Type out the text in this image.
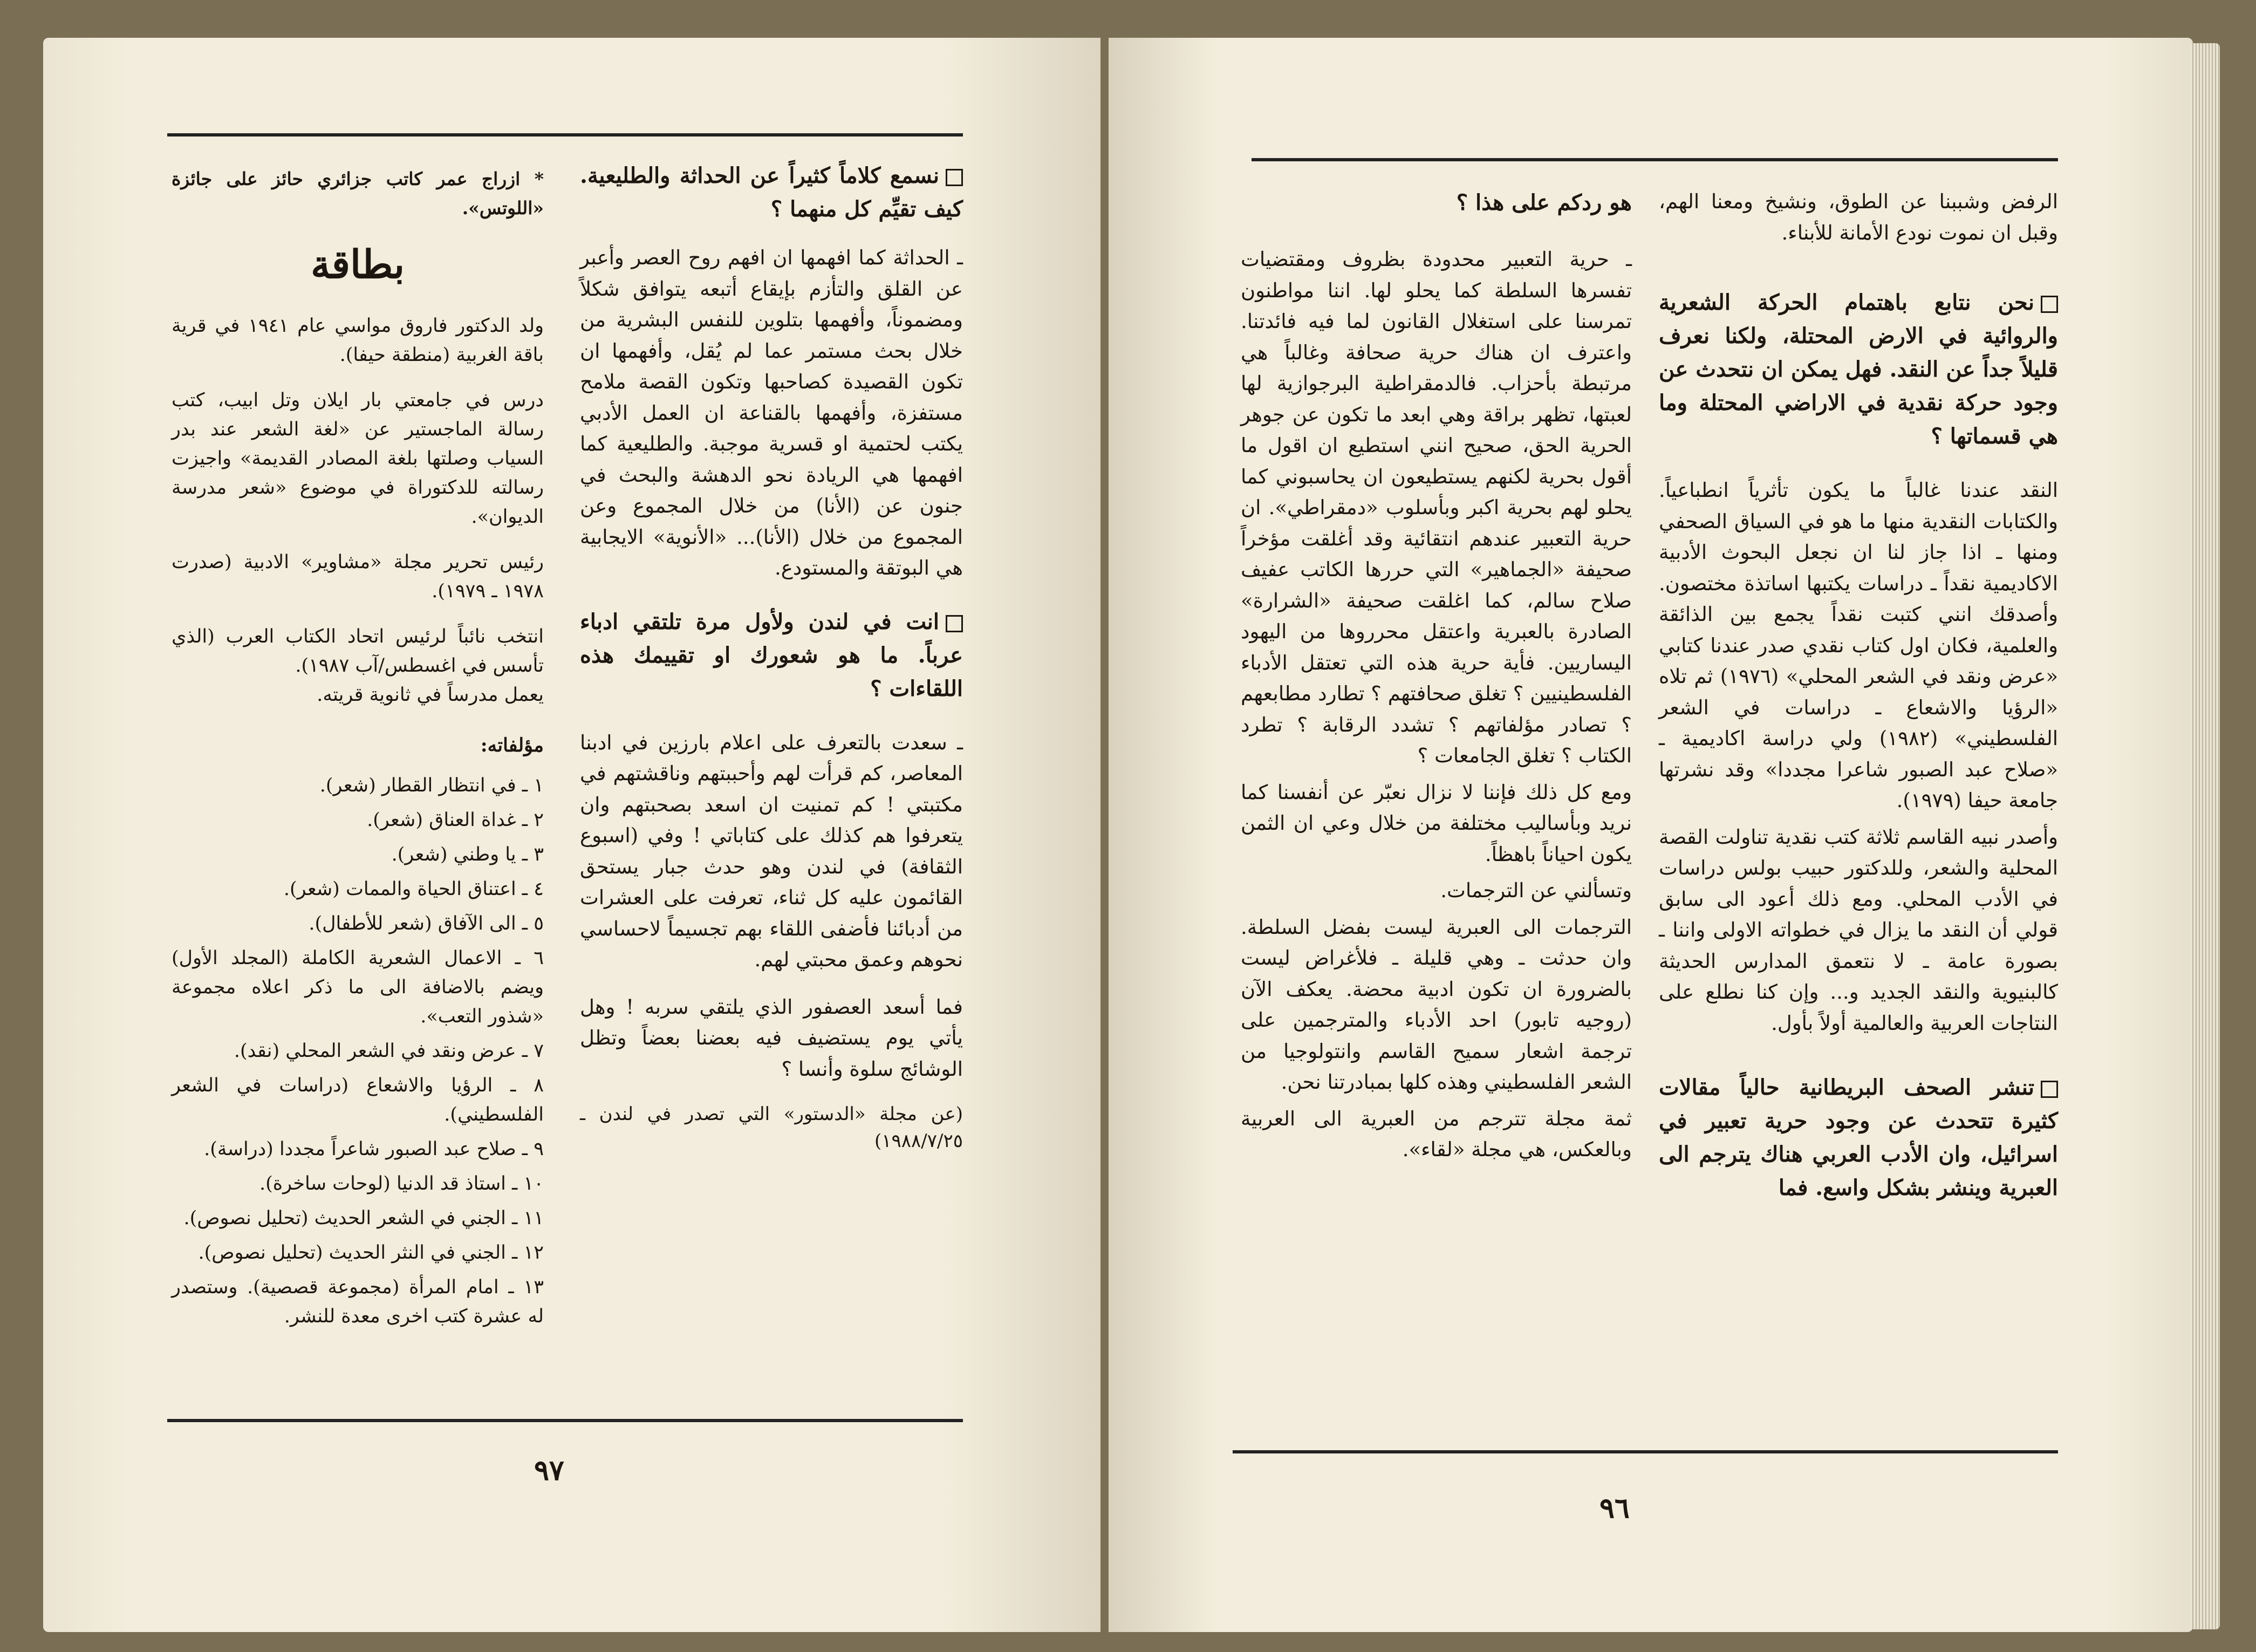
نسمع كلاماً كثيراً عن الحداثة والطليعية. كيف تقيِّم كل منهما ؟

ـ الحداثة كما افهمها ان افهم روح العصر وأعبر عن القلق والتأزم بإيقاع أتبعه يتوافق شكلاً ومضموناً، وأفهمها بتلوين للنفس البشرية من خلال بحث مستمر عما لم يُقل، وأفهمها ان تكون القصيدة كصاحبها وتكون القصة ملامح مستفزة، وأفهمها بالقناعة ان العمل الأدبي يكتب لحتمية او قسرية موجبة. والطليعية كما افهمها هي الريادة نحو الدهشة والبحث في جنون عن (الأنا) من خلال المجموع وعن المجموع من خلال (الأنا)... «الأنوية» الايجابية هي البوتقة والمستودع.

انت في لندن ولأول مرة تلتقي ادباء عرباً. ما هو شعورك او تقييمك هذه اللقاءات ؟

ـ سعدت بالتعرف على اعلام بارزين في ادبنا المعاصر، كم قرأت لهم وأحببتهم وناقشتهم في مكتبتي ! كم تمنيت ان اسعد بصحبتهم وان يتعرفوا هم كذلك على كتاباتي ! وفي (اسبوع الثقافة) في لندن وهو حدث جبار يستحق القائمون عليه كل ثناء، تعرفت على العشرات من أدبائنا فأضفى اللقاء بهم تجسيماً لاحساسي نحوهم وعمق محبتي لهم.

فما أسعد العصفور الذي يلتقي سربه ! وهل يأتي يوم يستضيف فيه بعضنا بعضاً وتظل الوشائج سلوة وأنسا ؟

(عن مجلة «الدستور» التي تصدر في لندن ـ ١٩٨٨/٧/٢٥)

* ازراج عمر كاتب جزائري حائز على جائزة «اللوتس».

بطاقة

ولد الدكتور فاروق مواسي عام ١٩٤١ في قرية باقة الغربية (منطقة حيفا).

درس في جامعتي بار ايلان وتل ابيب، كتب رسالة الماجستير عن «لغة الشعر عند بدر السياب وصلتها بلغة المصادر القديمة» واجيزت رسالته للدكتوراة في موضوع «شعر مدرسة الديوان».

رئيس تحرير مجلة «مشاوير» الادبية (صدرت ١٩٧٨ ـ ١٩٧٩).

انتخب نائباً لرئيس اتحاد الكتاب العرب (الذي تأسس في اغسطس/آب ١٩٨٧).

يعمل مدرساً في ثانوية قريته.

مؤلفاته:

١ ـ في انتظار القطار (شعر).
٢ ـ غداة العناق (شعر).
٣ ـ يا وطني (شعر).
٤ ـ اعتناق الحياة والممات (شعر).
٥ ـ الى الآفاق (شعر للأطفال).
٦ ـ الاعمال الشعرية الكاملة (المجلد الأول) ويضم بالاضافة الى ما ذكر اعلاه مجموعة «شذور التعب».
٧ ـ عرض ونقد في الشعر المحلي (نقد).
٨ ـ الرؤيا والاشعاع (دراسات في الشعر الفلسطيني).
٩ ـ صلاح عبد الصبور شاعراً مجددا (دراسة).
١٠ ـ استاذ قد الدنيا (لوحات ساخرة).
١١ ـ الجني في الشعر الحديث (تحليل نصوص).
١٢ ـ الجني في النثر الحديث (تحليل نصوص).
١٣ ـ امام المرأة (مجموعة قصصية). وستصدر له عشرة كتب اخرى معدة للنشر.
٩٧

الرفض وشببنا عن الطوق، ونشيخ ومعنا الهم، وقبل ان نموت نودع الأمانة للأبناء.

نحن نتابع باهتمام الحركة الشعرية والروائية في الارض المحتلة، ولكنا نعرف قليلاً جداً عن النقد. فهل يمكن ان نتحدث عن وجود حركة نقدية في الاراضي المحتلة وما هي قسماتها ؟

النقد عندنا غالباً ما يكون تأثرياً انطباعياً. والكتابات النقدية منها ما هو في السياق الصحفي ومنها ـ اذا جاز لنا ان نجعل البحوث الأدبية الاكاديمية نقداً ـ دراسات يكتبها اساتذة مختصون. وأصدقك انني كتبت نقداً يجمع بين الذائقة والعلمية، فكان اول كتاب نقدي صدر عندنا كتابي «عرض ونقد في الشعر المحلي» (١٩٧٦) ثم تلاه «الرؤيا والاشعاع ـ دراسات في الشعر الفلسطيني» (١٩٨٢) ولي دراسة اكاديمية ـ «صلاح عبد الصبور شاعرا مجددا» وقد نشرتها جامعة حيفا (١٩٧٩).

وأصدر نبيه القاسم ثلاثة كتب نقدية تناولت القصة المحلية والشعر، وللدكتور حبيب بولس دراسات في الأدب المحلي. ومع ذلك أعود الى سابق قولي أن النقد ما يزال في خطواته الاولى واننا ـ بصورة عامة ـ لا نتعمق المدارس الحديثة كالبنيوية والنقد الجديد و... وإن كنا نطلع على النتاجات العربية والعالمية أولاً بأول.

تنشر الصحف البريطانية حالياً مقالات كثيرة تتحدث عن وجود حرية تعبير في اسرائيل، وان الأدب العربي هناك يترجم الى العبرية وينشر بشكل واسع. فما

هو ردكم على هذا ؟

ـ حرية التعبير محدودة بظروف ومقتضيات تفسرها السلطة كما يحلو لها. اننا مواطنون تمرسنا على استغلال القانون لما فيه فائدتنا. واعترف ان هناك حرية صحافة وغالباً هي مرتبطة بأحزاب. فالدمقراطية البرجوازية لها لعبتها، تظهر براقة وهي ابعد ما تكون عن جوهر الحرية الحق، صحيح انني استطيع ان اقول ما أقول بحرية لكنهم يستطيعون ان يحاسبوني كما يحلو لهم بحرية اكبر وبأسلوب «دمقراطي». ان حرية التعبير عندهم انتقائية وقد أغلقت مؤخراً صحيفة «الجماهير» التي حررها الكاتب عفيف صلاح سالم، كما اغلقت صحيفة «الشرارة» الصادرة بالعبرية واعتقل محرروها من اليهود اليساريين. فأية حرية هذه التي تعتقل الأدباء الفلسطينيين ؟ تغلق صحافتهم ؟ تطارد مطابعهم ؟ تصادر مؤلفاتهم ؟ تشدد الرقابة ؟ تطرد الكتاب ؟ تغلق الجامعات ؟

ومع كل ذلك فإننا لا نزال نعبّر عن أنفسنا كما نريد وبأساليب مختلفة من خلال وعي ان الثمن يكون احياناً باهظاً.

وتسألني عن الترجمات.

الترجمات الى العبرية ليست بفضل السلطة. وان حدثت ـ وهي قليلة ـ فلأغراض ليست بالضرورة ان تكون ادبية محضة. يعكف الآن (روجيه تابور) احد الأدباء والمترجمين على ترجمة اشعار سميح القاسم وانتولوجيا من الشعر الفلسطيني وهذه كلها بمبادرتنا نحن.

ثمة مجلة تترجم من العبرية الى العربية وبالعكس، هي مجلة «لقاء».

٩٦
